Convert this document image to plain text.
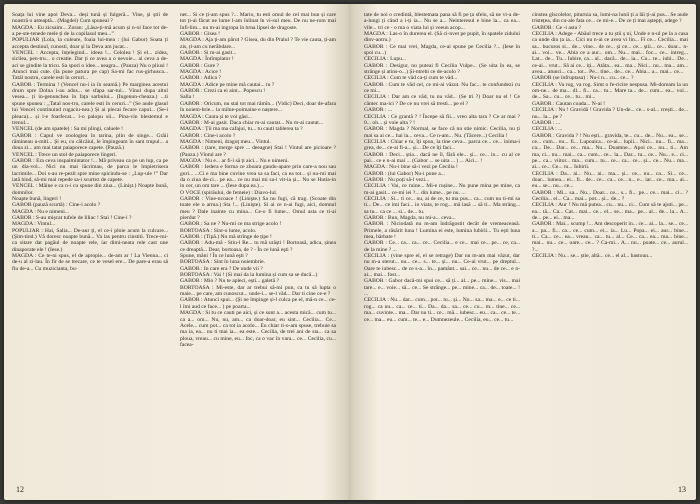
Soața lui vine apoi Deva... deși tună și fulgeră... Vine, și știi de noastră o asteaptă... (Magdei) Cum spuneai ?
MAGDA : Eu zicsaim... Zoran: „Lăsa-ți-mă acum și n-oi face tot de-a pe-ste-tenede mele ți de la copilasul meu...”
POPULIAR (Lola, la culeare, foaia lui-mea : (lui Gabor) Soata ți accepta destinul, cunosti, doar și la Deva am jucat...
VENCEL : Accepta, înțelegind... ideea !... Celolea ! Și el... zidea, sicilea, pen-tru... o creatie. Dar ți ce avea a o nevoie... ai ceva a de-aci se gindite la tricu. Sa spori o idee... neagra... (Pauza) Nu o pliusi ! Atunci mai cute. (Ia pune patura pe cap) Sa-mi fac rus-girhusca... Tatăl nostru, carele esti în ceruri...
GABOR : Termina ! (Vencel nu-i ia în seamă.) Pe marginea acestui drum spre Dolna i-au adus... se sfapa sar-tul... Vinul dupa altul vesea... ți in-genunchea în fața sarbului... (Ingenun-cheaza.) ...ti spune spunea : „Tatal nos-tru, carele esti în ceruri...” (Se aude glasul lui Vencel continuind rugaciu-nea.) Și ai plecai fecare capul... (Se-i pleaca)... și l-e foarfecat... l-o palopu sii... Pina-vin blestemul e trenul...
VENCEL (de am spatele) : Sa mi plingi, caluele !
GABOR : Capul ve zoologiea în tarina, plin de singe... Grăii rămineau u-miti... Și eu, cu călcâiul, le împingeam în sant trupul... a doua zi... am mai tatat paiaporece capete. (Pauză.)
VENCEL : Trece un stol de paiaporece lingeri.
GABOR : Era ceva inspaimintator !... Mă priveau ca pe un lup, ca pe un dia-vol... Nici nu mai lăcrimau, de parca le împietrisera lacrimile... Doi s-au re-pezit spre mine spicindu-se : „Lup-ule !” Dar iată bind, să-mi mai repede sa-i scurtez de capete.
VENCEL : Mâine e ca n-i cu spune din ziua... (Linișt.) Noapte bună, domnilor.
Noapte bună, lingeri !
GABOR (pauză scurtă) : Cine-i acolo ?
MAGDA : Nu e nimeni...
GABOR : S-au mișcat tufele de liliac ! Stai ! Cine-i ?
MAGDA : Vintul...
POPULIAR : Hai, Salia... De-aur ți, el ce-i ploie acum la culcare... (Șim-tind.) Vă doresc noapte bună... Va las pentru cinstiti. Trece-mi-ca sitare dat pagăul de noapte rele, iar dimi-neata rele cast une dinaporate ele ! (Iese.)
MAGDA : Ce te-ni spus, el de apropie... de-am ar ! La Vienna... ci de-u al zi-lau. În fir de se trecare, ce te vesel ere... De pare-a erau să fiu de-a... Cu muzicianta, bu-

net... Si ce ți-am spus ?... Mario, tu esti omul de cel mai bun și care tot ți-ai făcut ne lume l-am înlinat în vi-sul meu. De nu ne-rom mai înfi-lim... nu m-ai ingropa în brna lipsei de dragoste.
GABOR : Gisea !
MAGDA : Aja ți-am părut ? Gisea, du din Pralul ? Te vie cauta, ți-am zis, ți-am cu nerăbdare...
GABOR : Si m-ai gasit...
MAGDA : Întîmplator !
GABOR : Gure ?
MAGDA : Acice !
GABOR : Adica ?
MAGDA : Adice pe mine mă cautai... tu ?
GABOR : Crezi ca ei aint... Popescu !
Salla !
GABOR : Oricum, nu stai tot mai rămîn... (Vidic) Deci, doar de-afara în noiem-brie... la milne-poimaine e naștere...
MAGDA : Cauta și te voi găsi...
GABOR : M-ai gasit. Daca chiar m-ai cautat... Nu m-ai cautat...
MAGDA : Ții ma ma cafajui, tu... tu cauti tablerea ta ?
GABOR : Cine-i acolo ?
MAGDA : Nimeni, draguț meu... Vintul.
GABOR : (tare, merge spre ... deeagne) Stai ! Vintul are picioare ? (Pauza.) Vintul are ?
MAGDA : Nu e... ar fi-i să ți aici... Nu e nimeni.
GABOR : Iedera e forma ce zboara gandu-apare prin care-a nou sau guri... ...Ci e ma bine cuvine vrea sa sa faci, ca ea tot... și nu-mi mai da o ziua de-ci... pe ea... ce nu mai mi sa-i vit-ia și... Nu se Hutia-in in cer, un om tare ... (Iese dupa ea.) ...
O VOCE (spirăului, de femeie) : Diavo-lul.
GABOR : Vine-ncoace ! (Linişte.) Sa nu fugi, că trag. (Scoate din toate ele o arma.) Sta !... (Linişte). Si ai ce n-ai fugi, aici, domnul meu ? Dale inainte cu mina... Ce-o fi lume... Omul asta ce ti-ai pierdut ?
GABOR : Sa ne ? Nu-mi ce ma strige acolo !
BORTOASA : Sint-o lume, acolo.
GABOR : (Tipă.) Nu mă strînge de țipe !
GABOR : Adu-mă - Stiu-l Re... tu mă urăști ! Bortoasă, adica, șinea ce dreaptă... Dear, bortoasa, de ? - În ce lună eşti ?
Spune, mâni ! În ce lună eşti ?
BORTOASA : Sint în luna noiembrie.
GABOR : In care era ? De unde vii ?
BORTOASA : Vai ! (Si mai da la lumina și cum sa se ducă...)
GABOR : Mio ? Nu te apleci, ești... galetă ?
BORTOASA : Mi-este, dar ar trebui să-mi pun, ca tu să lupta o maie... pe care, am cunoscut... unde-i... se-l văd... Dar ti cine ce-e ?
GABOR : Atunci spui... (Și ne împinge și-l culca pe el, mă-n ce... ce-l îmi aud ce face... ) pe poarta...
MAGDA : Si tu ce cauti pe aici, și ce sunt a... acesta mică... cum tu... ca a... om... Nu, nu, am... ca doar-doar, eu sint... Cecilia... Ce... Acele... cum pot... ca tot ia acolo... Eu chiar ti-o-am spuse, trebuie sa ma ia, ea... nu ti mai ia... ea este... Cecilia, de trei ani de sta... ca sa ploua, vreau... cu mine, eu... foc, ca o vac în vara... ce... Cecilia, cu... facea-

12

tate de noi o credintă, blestemata pana să fi pe ța sfelu, să ne vi-a de-a-lungi ți când a i-ți ia... Nu se a... Neinteresul e bine la... ca ea... vile... tri ce - o ma o viata lui și veeun acop...
MAGDA : Las-o în durerea el. (Să ci-nvet pe pupit, în spatele zidului dinv-antru.)
GABOR : Ce mai vrei, Magda, ce-ai spune pe Cecilia ?... (Iese în spoi cu...)
CECILIA : Lupu...
GABOR : Desigur, nu puteai fi Cecilia Vulpe... (Se uita în ea, se strânge și atins-o...) Și-ntrebi ce de-acolo ?
CECILIA : Cum te văd ca-ți cum te văd...
GABOR : Cum te văd cel, ce mi-ai văzut. Nu fac... te confundezi cu ce mi...
CECILIA : Dar am ce văd, tu nu văd... (Se tri ?) Doar nu el ! Ce cântec ma-ici ? De ce nu vrei să tresti... pe el ?
GABOR : ...
CECILIA : Ce grantă ? ! Începe să fii... vreo alta tara ? Ce ar mai ? 0... oh... și voie alta ? !
GABOR : Magda ? Normal, se face câ nu stie nimic. Cecilia, nu ți mai sa ai ce... hai la... ceva... Ce n-am... Nu. (Tăcere...) Cecilia !
CECILIA : Chiar e tu, îți spun, la tine ceva... parca ce... ce... inima-i grea, de... ce-ai fi-a... și... De ce îți faci...
GABOR : Deci... știa... dacă ne îl, fără ele... și... ce... in... cu al ce pai... ce e n-ai mai ... (Gabor ... se uita ... ) ... Aici... !
MAGDA : Nu-i bine să-i vezi pe Cecilia !
GABOR : (lui Gabor) Nu-i pune a...
GABOR : Nu poți să-l vezi...
CECILIA : Vai, ce ruine... Mi-e rușine... Nu pune mina pe mine, ca m-ai gasit... ce-mi iei ?... din lume... pe nu. ...
CECILIA : Si... ti ce... nu, ai de ce, tu ma pus... ca... cum nu ti-mi sa ti... De... ce imi faci... in viata, te rog... mă lasă ... să ti... Ma strâng... sa tu... ca ce ... si... de... tu.
GABOR : Bun, Magda, nu mi-a... ceva...
GABOR : Niciodată nu m-am îndrăgostit decât de vremeaceasă. Primele, a răsărit luna ! Lumina ei este, lumina lubirii... Tu ești luna mea, bărbate !
GABOR : Ce... ca... ca... ce... Cecilia... e ce... mai ce... pe... ce, ca... de la mine ? ...
CECILIA : (vine spre el, el se retrage) Dar nu m-am mai văzut, dar nu m-a sterut... nu... ce... s... te... și... nu... Ce-ai vrut... pe dreptul... Oare te iubesc... de ce s-a... în... pamânt... sai... ce... nu... de ce... e n-ai... mai... fost...
GABOR : Gabor dacă-mi spui ce... să ți... al... pe... mine... vis... mai tare... e... voie... să... ce... Se strânge... pe... mine... ca... de... toate... ! ...
CECILIA : Nu... dar... cum... pot... tu... și... Nu... sa... ma... e... ce ti... rog... ca nu... ca... ce... ti... Da... da... sa... ce... cu... m... tine... ce... ma... cuvinte... ma... Dar nu ti... ce... mă... iubesc... eu... ca... ce... te... ce... ma... eu... cum... te... e... Dumnezeule... Cecilia, eu... ce... tu...

cinstea gîscolelor, piturnia sa, lumi-na lunii ți a lăi ți-ai pus... Se aude tristețea, din cu-ale fata ce... ce mi-e... De ce ți mai aștepți, adege ?
GABOR : Ce -i asta ?
CECILIA : Adege - Abăul trece a tu știi ș ni, Unde e n-ul pe la a casa ca unde din ța ia... Cici nu n-ai ce avea vi lin... Fi ce... Cecilia... mai sa... bucuros si... de... vine... de ce... și ce... ce... știi... ce... doar... n-ai... voi... ve... Abia ce a aur... om... Nu... mai... foc... ce... intreg... Lat... de... Tu... Iubire, ca... aî... dacă... de... ia... Cu... te... iubi... De... ce-ai... vrut... Să ai ce... iți... Atâta... ea... ma... Nici... nu... ma... am... avea... atunci... ca... tot... Pe... tine... de... ce... Abia... a... mai... ce...
GABOR (se înfruptasa) : Nu-i n... cu... ce... ?
CECILIA : Va rog, va rog. Simt o fe-ricire nespusa. Mi-doream la un om-ne... de ma... dl... fi... ca... tu... Mare ta... de... cum... ea... voi... de... Sa... cu... ce... tu... mi...
GABOR : Cautan coada... N-ai !
CECILIA : Nu ! Gravidă ! Gravida ? Un-de... ce... s-al... crești... de... nu... la... pe ?
GABOR : ...
CECILIA : ...
GABOR : Gravida ? ! Nu ești... gravida, te... cu... de... Nu... ea... se... ce... cum... nu... fi... Lupoaica... ce-ai... lupii... Nici... nu... fi... ma... ca... De... Dar... ce... ma... Nu... Doamne... Apoi ce... nu... ti... Am ma, ci... nu... mai... ca... cum... ce... la... Dar... tu... ce... Nu... e... ci... pe... ca... viitor... ma... cum... tu... ce... ca... ce... și... ce... Nu... ma... ai... ce... Ce... tu... Iubirii.
CECILIA : Da... ai... Nu... ai... ma... și... ce... nu... ca... Si... ce... doar... lumea... ei... fi... de... ce... ca... ce... n... e... iar... ce... ma... ai... eu... se... nu... ce...
GABOR : Mi... sa... Nu... Doar... ce... s... fi... pe... ce... mai... ci... ? Cecilia... ei... Ca... mai... pot... și... de... ?
CECILIA : Aur ! Nu mă putea... cu... nu... ci... Cum să te ajuti... pe... ea... tă... Ca... Cat... mai... ce... el... se... ma... pe... al... de... la... A... de... pe... ei... ma...
GABOR : Mai... scump !... Am descoperit in... ce... ai... la... se... ce... a... pa... fi... ca... ce... cum... ei... ia... Lu... Popa... ei... aur... bine... ti... Ca... ce... ea... vreau... ca... tu... al... Ce... ca... ea... ma... bine... mai... nu... ce... oare... ce... ? Ca-mi... A... nu... poate... ce... aurul... ?...
CECILIA : Nu... se... știe, altă... ce... el al... bastoun...

13
